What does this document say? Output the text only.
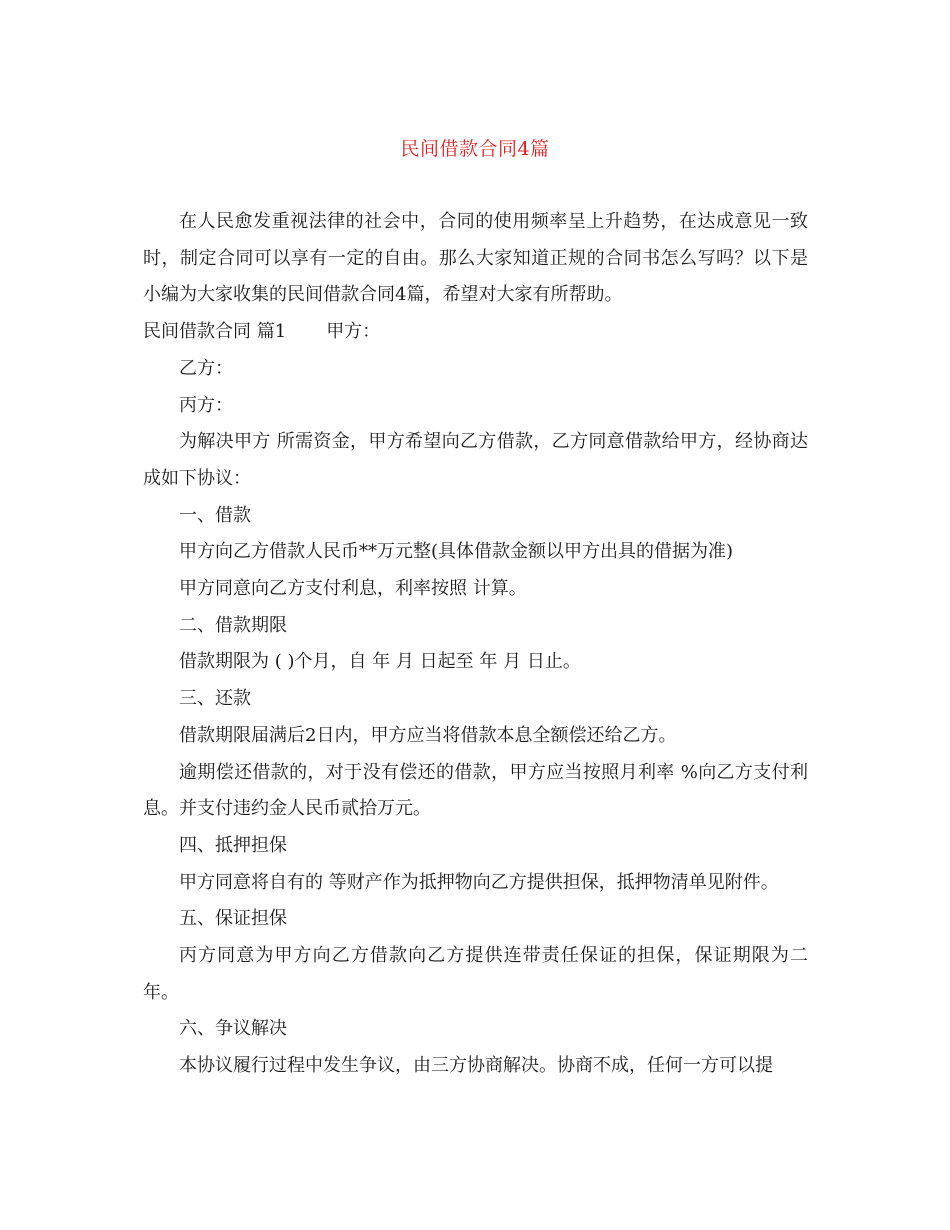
民间借款合同4篇

在人民愈发重视法律的社会中，合同的使用频率呈上升趋势，在达成意见一致时，制定合同可以享有一定的自由。那么大家知道正规的合同书怎么写吗？以下是小编为大家收集的民间借款合同4篇，希望对大家有所帮助。

民间借款合同 篇1 甲方：

乙方：

丙方：

为解决甲方 所需资金，甲方希望向乙方借款，乙方同意借款给甲方，经协商达成如下协议：

一、借款

甲方向乙方借款人民币**万元整(具体借款金额以甲方出具的借据为准)

甲方同意向乙方支付利息，利率按照 计算。

二、借款期限

借款期限为 ( )个月，自 年 月 日起至 年 月 日止。

三、还款

借款期限届满后2日内，甲方应当将借款本息全额偿还给乙方。

逾期偿还借款的，对于没有偿还的借款，甲方应当按照月利率 %向乙方支付利息。并支付违约金人民币贰拾万元。

四、抵押担保

甲方同意将自有的 等财产作为抵押物向乙方提供担保，抵押物清单见附件。

五、保证担保

丙方同意为甲方向乙方借款向乙方提供连带责任保证的担保，保证期限为二年。

六、争议解决

本协议履行过程中发生争议，由三方协商解决。协商不成，任何一方可以提
